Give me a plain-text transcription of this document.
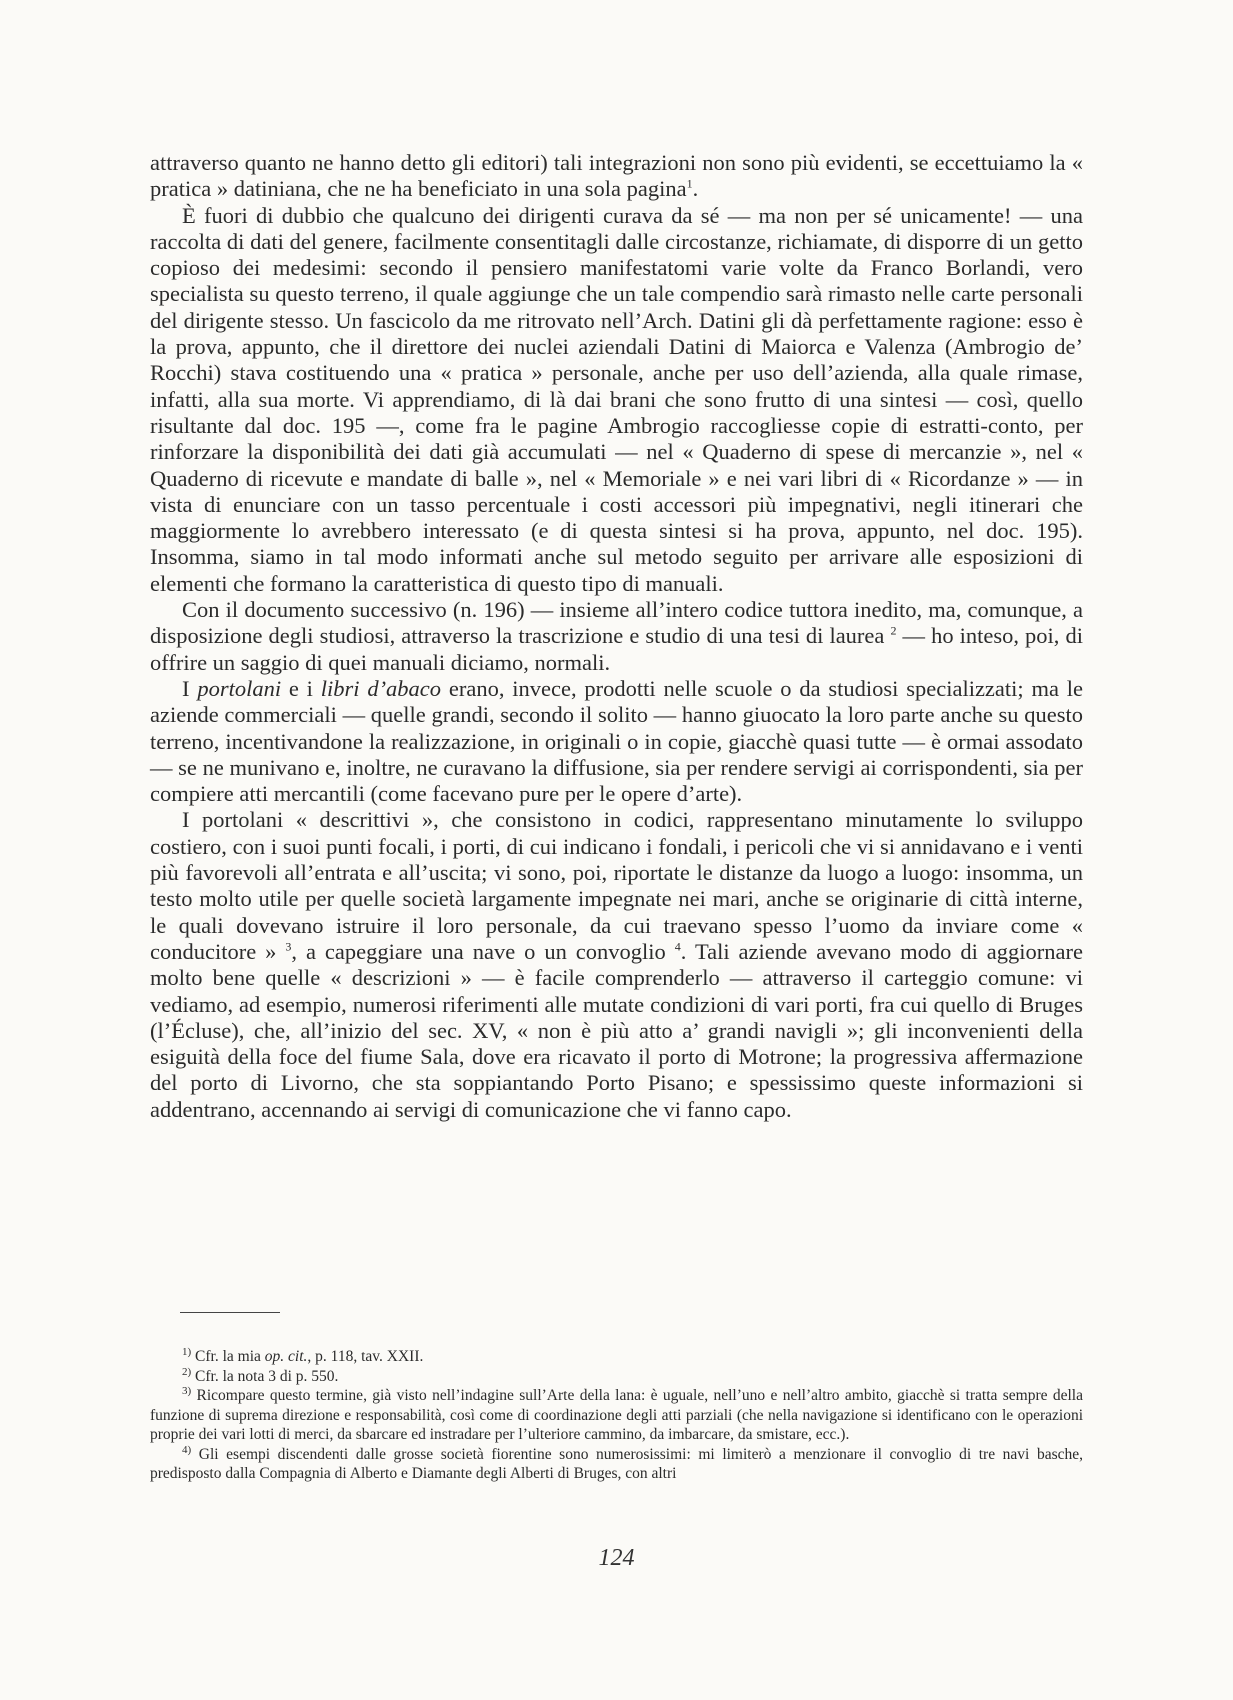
attraverso quanto ne hanno detto gli editori) tali integrazioni non sono più evidenti, se eccettuiamo la « pratica » datiniana, che ne ha beneficiato in una sola pagina$^1$.

È fuori di dubbio che qualcuno dei dirigenti curava da sé — ma non per sé unicamente! — una raccolta di dati del genere, facilmente consentitagli dalle circostanze, richiamate, di disporre di un getto copioso dei medesimi: secondo il pensiero manifestatomi varie volte da Franco Borlandi, vero specialista su questo terreno, il quale aggiunge che un tale compendio sarà rimasto nelle carte personali del dirigente stesso. Un fascicolo da me ritrovato nell’Arch. Datini gli dà perfettamente ragione: esso è la prova, appunto, che il direttore dei nuclei aziendali Datini di Maiorca e Valenza (Ambrogio de’ Rocchi) stava costituendo una « pratica » personale, anche per uso dell’azienda, alla quale rimase, infatti, alla sua morte. Vi apprendiamo, di là dai brani che sono frutto di una sintesi — così, quello risultante dal doc. 195 —, come fra le pagine Ambrogio raccogliesse copie di estratti-conto, per rinforzare la disponibilità dei dati già accumulati — nel « Quaderno di spese di mercanzie », nel « Quaderno di ricevute e mandate di balle », nel « Memoriale » e nei vari libri di « Ricordanze » — in vista di enunciare con un tasso percentuale i costi accessori più impegnativi, negli itinerari che maggiormente lo avrebbero interessato (e di questa sintesi si ha prova, appunto, nel doc. 195). Insomma, siamo in tal modo informati anche sul metodo seguito per arrivare alle esposizioni di elementi che formano la caratteristica di questo tipo di manuali.

Con il documento successivo (n. 196) — insieme all’intero codice tuttora inedito, ma, comunque, a disposizione degli studiosi, attraverso la trascrizione e studio di una tesi di laurea $^2$ — ho inteso, poi, di offrire un saggio di quei manuali diciamo, normali.

I portolani e i libri d’abaco erano, invece, prodotti nelle scuole o da studiosi specializzati; ma le aziende commerciali — quelle grandi, secondo il solito — hanno giuocato la loro parte anche su questo terreno, incentivandone la realizzazione, in originali o in copie, giacchè quasi tutte — è ormai assodato — se ne munivano e, inoltre, ne curavano la diffusione, sia per rendere servigi ai corrispondenti, sia per compiere atti mercantili (come facevano pure per le opere d’arte).

I portolani « descrittivi », che consistono in codici, rappresentano minutamente lo sviluppo costiero, con i suoi punti focali, i porti, di cui indicano i fondali, i pericoli che vi si annidavano e i venti più favorevoli all’entrata e all’uscita; vi sono, poi, riportate le distanze da luogo a luogo: insomma, un testo molto utile per quelle società largamente impegnate nei mari, anche se originarie di città interne, le quali dovevano istruire il loro personale, da cui traevano spesso l’uomo da inviare come « conducitore » $^3$, a capeggiare una nave o un convoglio $^4$. Tali aziende avevano modo di aggiornare molto bene quelle « descrizioni » — è facile comprenderlo — attraverso il carteggio comune: vi vediamo, ad esempio, numerosi riferimenti alle mutate condizioni di vari porti, fra cui quello di Bruges (l’Écluse), che, all’inizio del sec. XV, « non è più atto a’ grandi navigli »; gli inconvenienti della esiguità della foce del fiume Sala, dove era ricavato il porto di Motrone; la progressiva affermazione del porto di Livorno, che sta soppiantando Porto Pisano; e spessissimo queste informazioni si addentrano, accennando ai servigi di comunicazione che vi fanno capo.

$^{1)}$ Cfr. la mia op. cit., p. 118, tav. XXII.

$^{2)}$ Cfr. la nota 3 di p. 550.

$^{3)}$ Ricompare questo termine, già visto nell’indagine sull’Arte della lana: è uguale, nell’uno e nell’altro ambito, giacchè si tratta sempre della funzione di suprema direzione e responsabilità, così come di coordinazione degli atti parziali (che nella navigazione si identificano con le operazioni proprie dei vari lotti di merci, da sbarcare ed instradare per l’ulteriore cammino, da imbarcare, da smistare, ecc.).

$^{4)}$ Gli esempi discendenti dalle grosse società fiorentine sono numerosissimi: mi limiterò a menzionare il convoglio di tre navi basche, predisposto dalla Compagnia di Alberto e Diamante degli Alberti di Bruges, con altri

124
